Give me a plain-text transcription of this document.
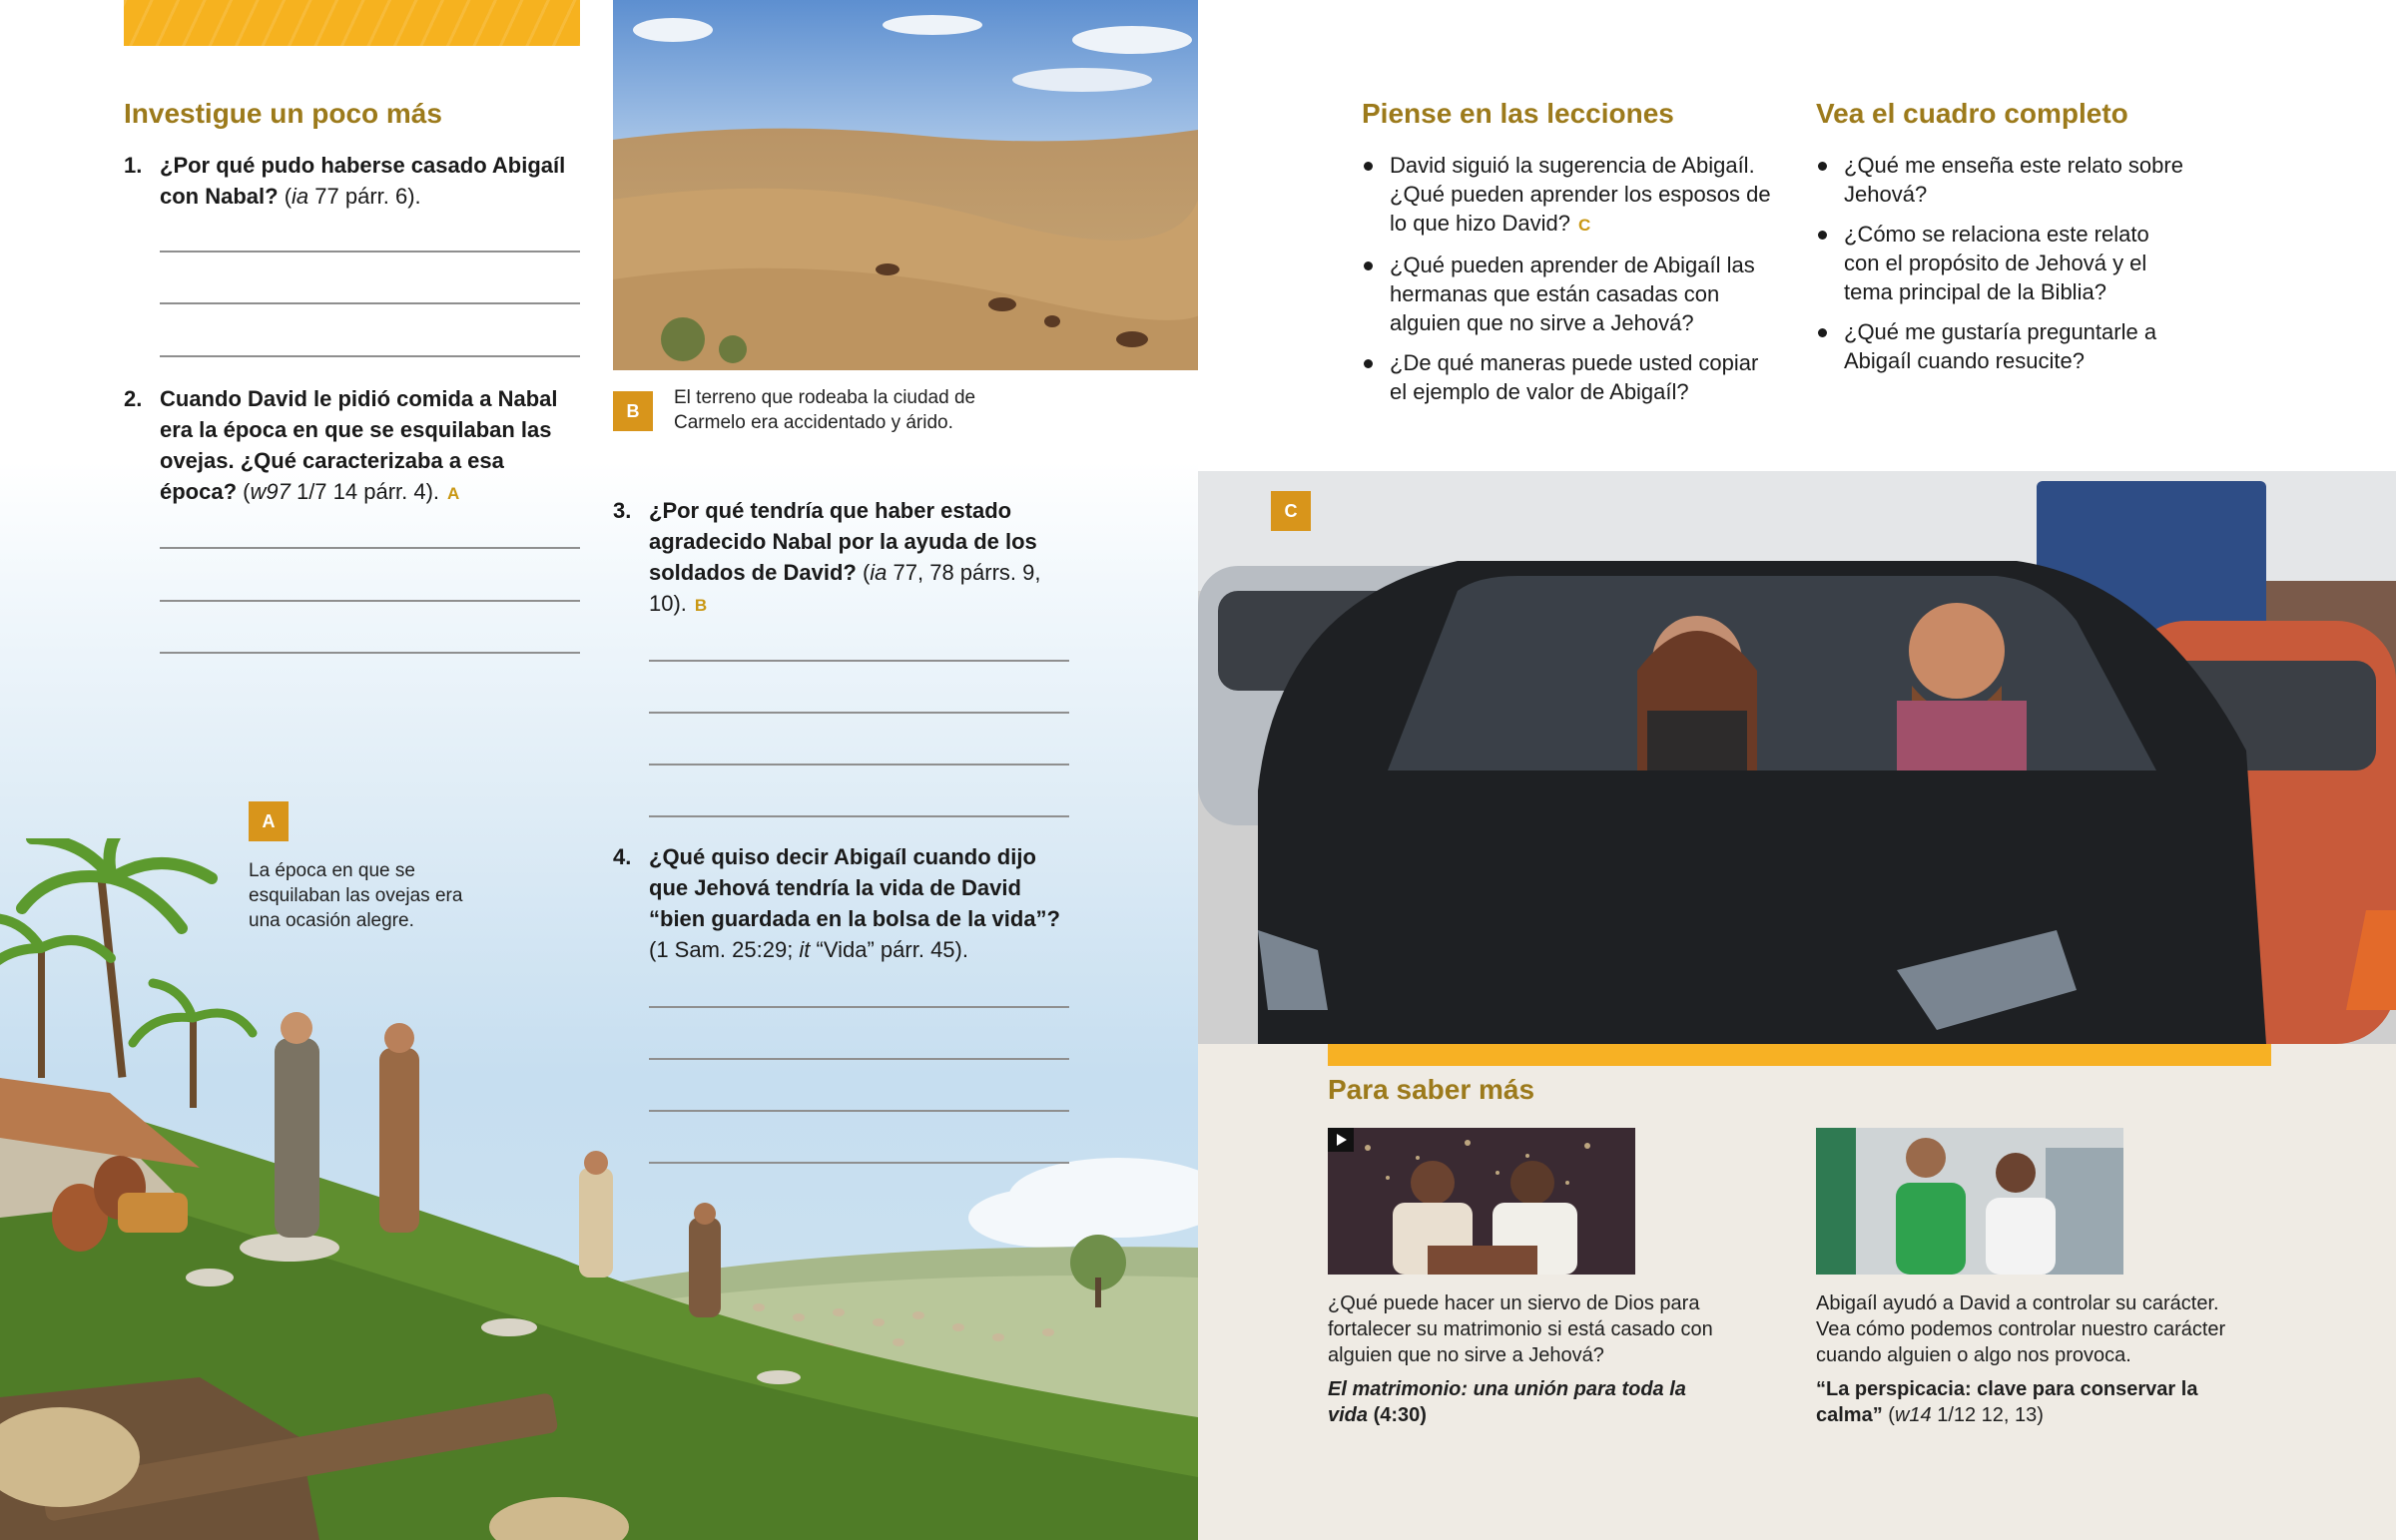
Investigue un poco más
1. ¿Por qué pudo haberse casado Abigaíl con Nabal? (ia 77 párr. 6).
2. Cuando David le pidió comida a Nabal era la época en que se esquilaban las ovejas. ¿Qué caracterizaba a esa época? (w97 1/7 14 párr. 4). A
B
El terreno que rodeaba la ciudad de Carmelo era accidentado y árido.
3. ¿Por qué tendría que haber estado agradecido Nabal por la ayuda de los soldados de David? (ia 77, 78 párrs. 9, 10). B
4. ¿Qué quiso decir Abigaíl cuando dijo que Jehová tendría la vida de David “bien guardada en la bolsa de la vida”? (1 Sam. 25:29; it “Vida” párr. 45).
A
La época en que se esquilaban las ovejas era una ocasión alegre.
Piense en las lecciones
David siguió la sugerencia de Abigaíl. ¿Qué pueden aprender los esposos de lo que hizo David? C
¿Qué pueden aprender de Abigaíl las hermanas que están casadas con alguien que no sirve a Jehová?
¿De qué maneras puede usted copiar el ejemplo de valor de Abigaíl?
Vea el cuadro completo
¿Qué me enseña este relato sobre Jehová?
¿Cómo se relaciona este relato con el propósito de Jehová y el tema principal de la Biblia?
¿Qué me gustaría preguntarle a Abigaíl cuando resucite?
C
Para saber más
¿Qué puede hacer un siervo de Dios para fortalecer su matrimonio si está casado con alguien que no sirve a Jehová?
El matrimonio: una unión para toda la vida (4:30)
Abigaíl ayudó a David a controlar su carácter. Vea cómo podemos controlar nuestro carácter cuando alguien o algo nos provoca.
“La perspicacia: clave para conservar la calma” (w14 1/12 12, 13)
